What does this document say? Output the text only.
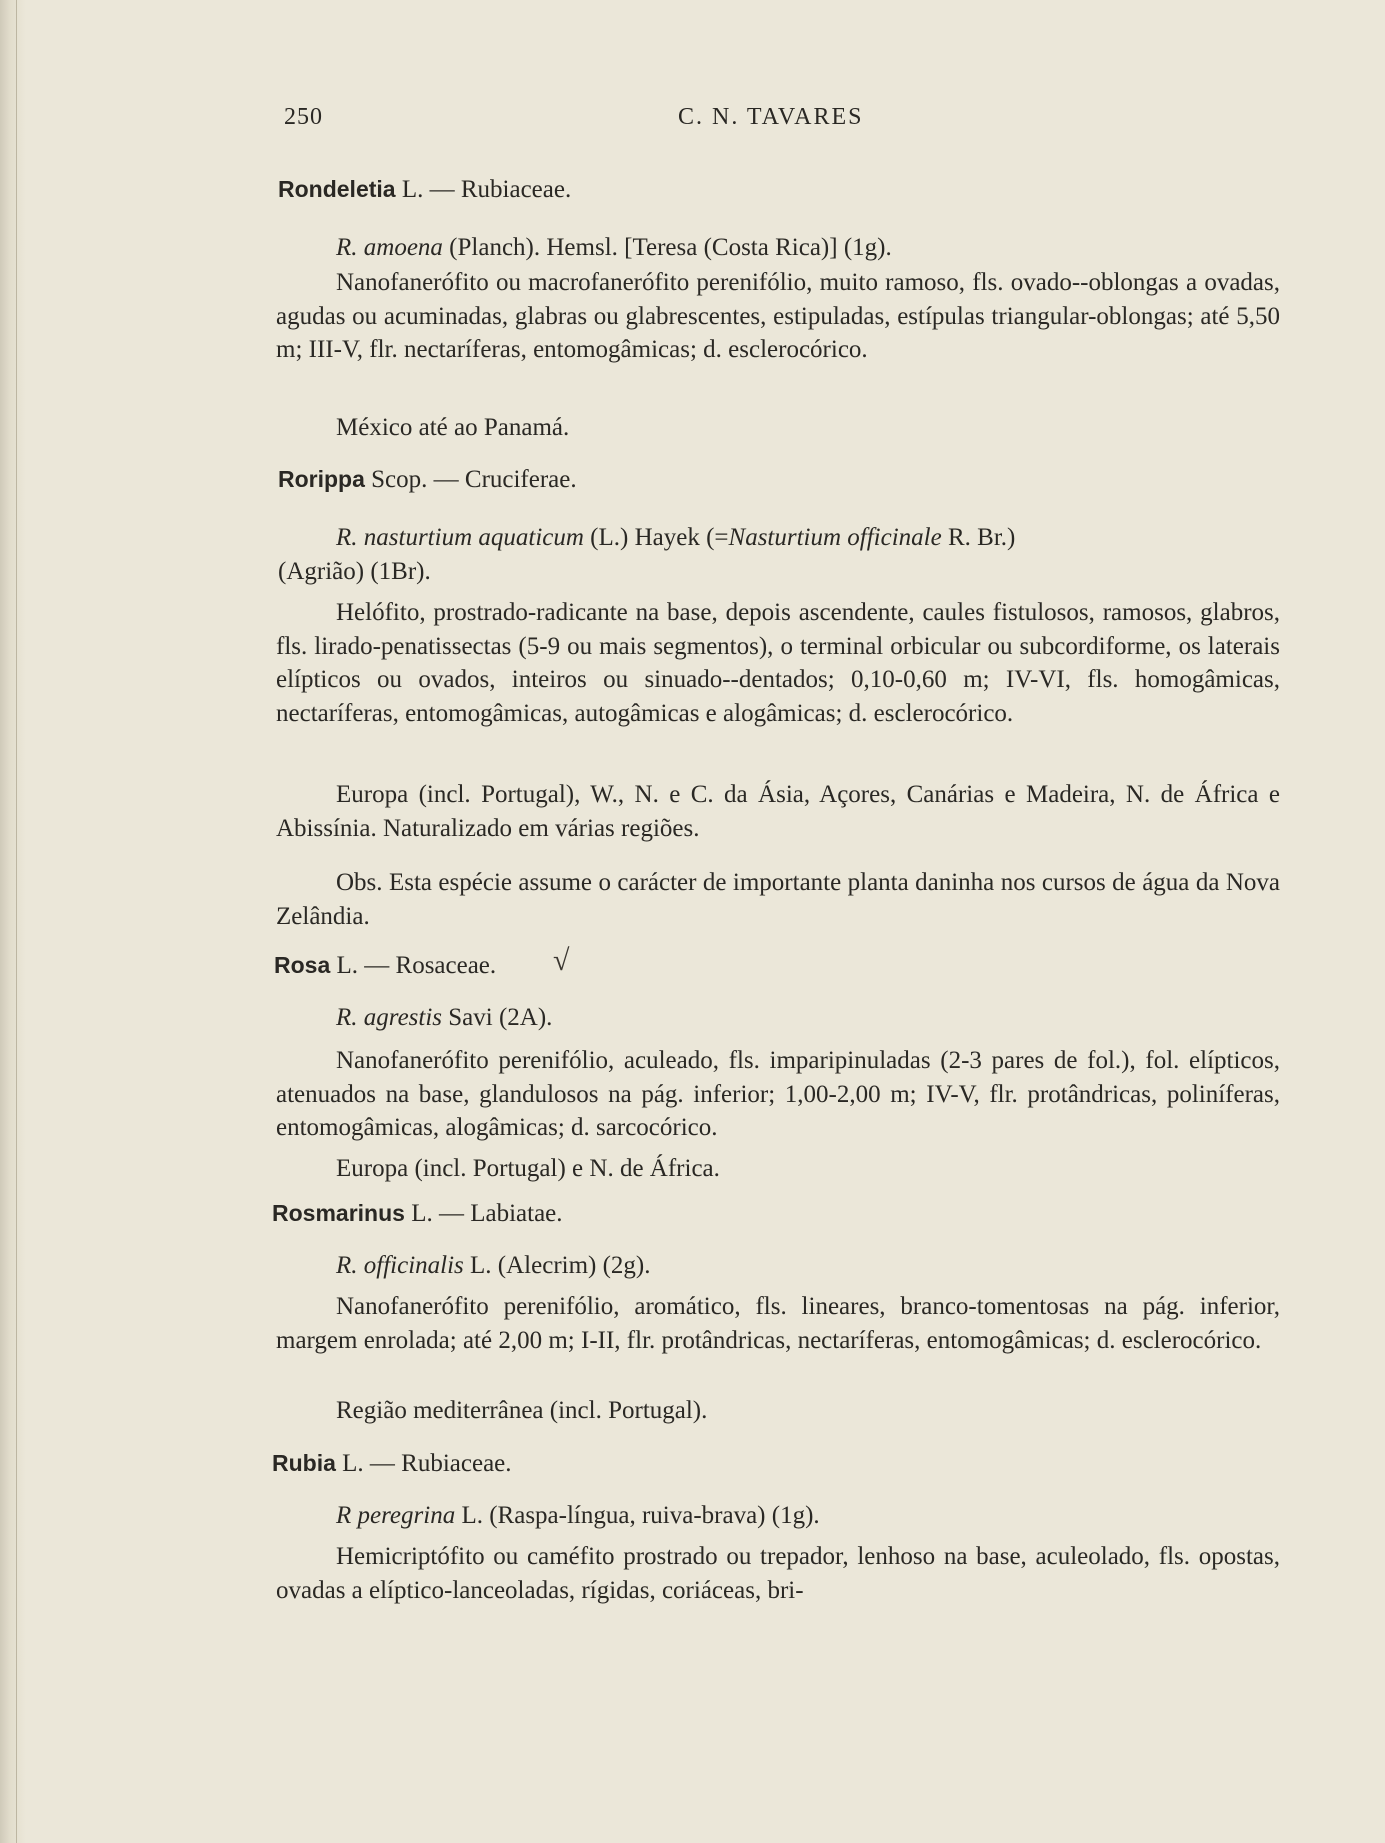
250	C. N. TAVARES
Rondeletia L. — Rubiaceae.
R. amoena (Planch). Hemsl. [Teresa (Costa Rica)] (1g).

Nanofanerófito ou macrofanerófito perenifólio, muito ramoso, fls. ovado--oblongas a ovadas, agudas ou acuminadas, glabras ou glabrescentes, estipuladas, estípulas triangular-oblongas; até 5,50 m; III-V, flr. nectaríferas, entomogâmicas; d. esclerocórico.

México até ao Panamá.

Rorippa Scop. — Cruciferae.
R. nasturtium aquaticum (L.) Hayek (=Nasturtium officinale R. Br.)
(Agrião) (1Br).

Helófito, prostrado-radicante na base, depois ascendente, caules fistulosos, ramosos, glabros, fls. lirado-penatissectas (5-9 ou mais segmentos), o terminal orbicular ou subcordiforme, os laterais elípticos ou ovados, inteiros ou sinuado--dentados; 0,10-0,60 m; IV-VI, fls. homogâmicas, nectaríferas, entomogâmicas, autogâmicas e alogâmicas; d. esclerocórico.

Europa (incl. Portugal), W., N. e C. da Ásia, Açores, Canárias e Madeira, N. de África e Abissínia. Naturalizado em várias regiões.

Obs. Esta espécie assume o carácter de importante planta daninha nos cursos de água da Nova Zelândia.

Rosa L. — Rosaceae. √
R. agrestis Savi (2A).

Nanofanerófito perenifólio, aculeado, fls. imparipinuladas (2-3 pares de fol.), fol. elípticos, atenuados na base, glandulosos na pág. inferior; 1,00-2,00 m; IV-V, flr. protândricas, poliníferas, entomogâmicas, alogâmicas; d. sarcocórico.

Europa (incl. Portugal) e N. de África.

Rosmarinus L. — Labiatae.
R. officinalis L. (Alecrim) (2g).

Nanofanerófito perenifólio, aromático, fls. lineares, branco-tomentosas na pág. inferior, margem enrolada; até 2,00 m; I-II, flr. protândricas, nectaríferas, entomogâmicas; d. esclerocórico.

Região mediterrânea (incl. Portugal).

Rubia L. — Rubiaceae.
R peregrina L. (Raspa-língua, ruiva-brava) (1g).

Hemicriptófito ou caméfito prostrado ou trepador, lenhoso na base, aculeolado, fls. opostas, ovadas a elíptico-lanceoladas, rígidas, coriáceas, bri-
